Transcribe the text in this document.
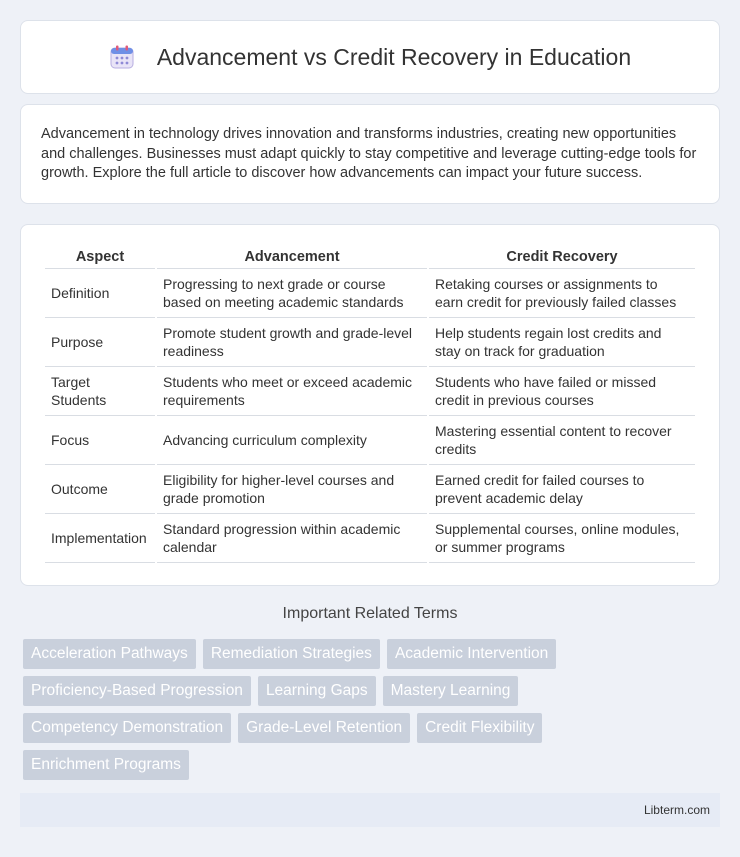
Advancement vs Credit Recovery in Education

Advancement in technology drives innovation and transforms industries, creating new opportunities and challenges. Businesses must adapt quickly to stay competitive and leverage cutting-edge tools for growth. Explore the full article to discover how advancements can impact your future success.

Aspect	Advancement	Credit Recovery
Definition	Progressing to next grade or course based on meeting academic standards	Retaking courses or assignments to earn credit for previously failed classes
Purpose	Promote student growth and grade-level readiness	Help students regain lost credits and stay on track for graduation
Target Students	Students who meet or exceed academic requirements	Students who have failed or missed credit in previous courses
Focus	Advancing curriculum complexity	Mastering essential content to recover credits
Outcome	Eligibility for higher-level courses and grade promotion	Earned credit for failed courses to prevent academic delay
Implementation	Standard progression within academic calendar	Supplemental courses, online modules, or summer programs
Important Related Terms
Acceleration Pathways	Remediation Strategies	Academic Intervention
Proficiency-Based Progression	Learning Gaps	Mastery Learning
Competency Demonstration	Grade-Level Retention	Credit Flexibility
Enrichment Programs
Libterm.com
